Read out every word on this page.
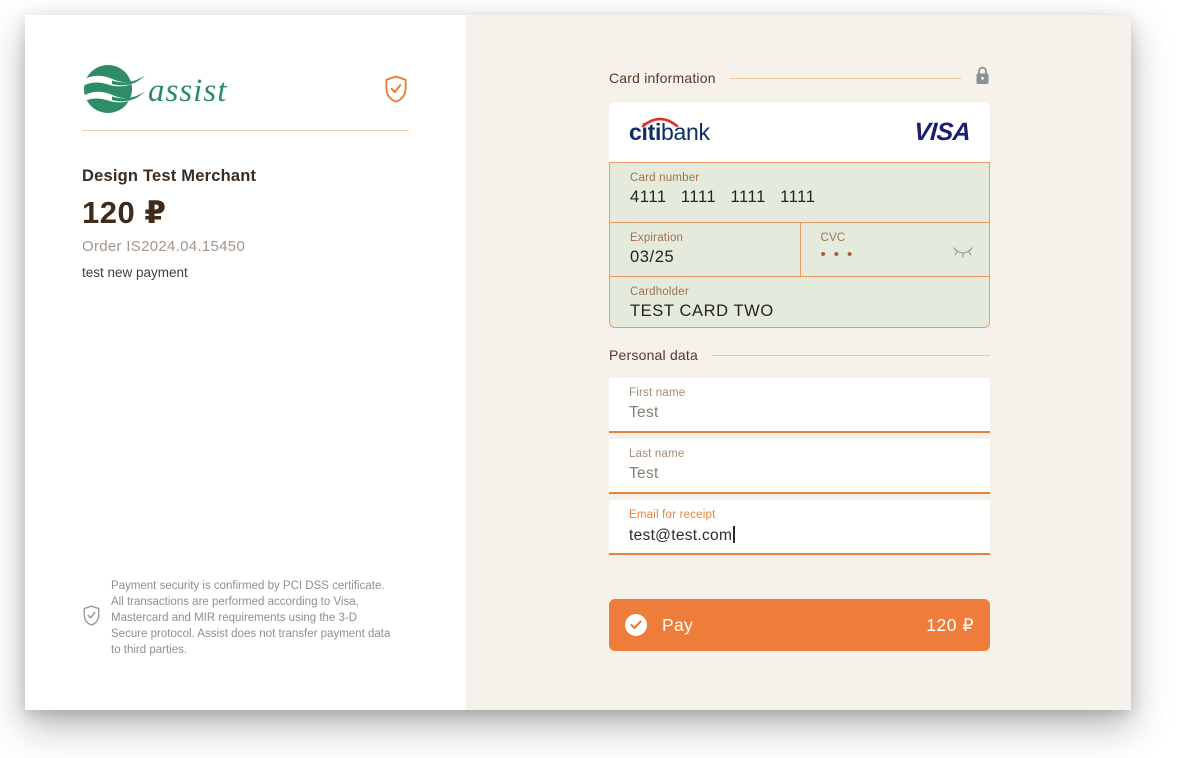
assist
Design Test Merchant
120 ₽
Order IS2024.04.15450
test new payment
Payment security is confirmed by PCI DSS certificate. All transactions are performed according to Visa, Mastercard and MIR requirements using the 3-D Secure protocol. Assist does not transfer payment data to third parties.
Card information
citibank	VISA
Card number
4111 1111 1111 1111
Expiration
03/25
CVC
•••
Cardholder
TEST CARD TWO
Personal data
First name
Test
Last name
Test
Email for receipt
test@test.com
Pay	120 ₽
